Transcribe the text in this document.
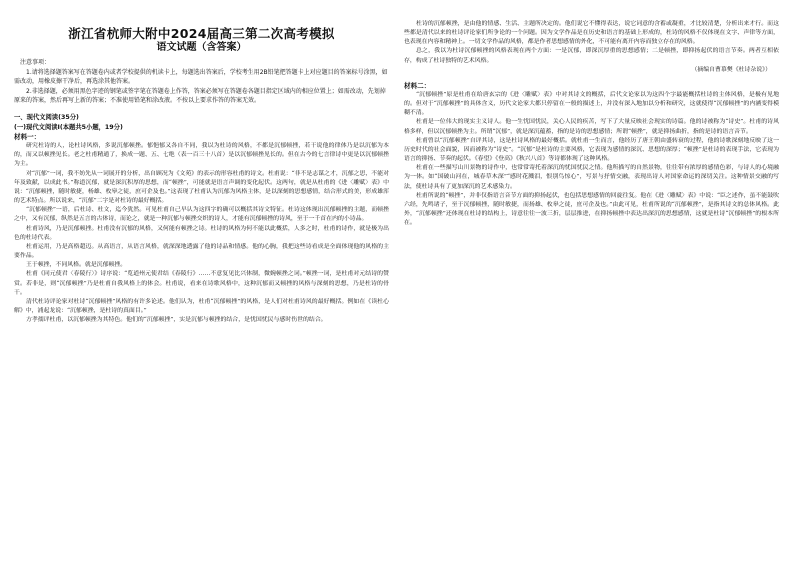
浙江省杭师大附中2024届高三第二次高考模拟
语文试题（含答案）
注意事项：

1.请将选择题答案写在答题卷内或者学校提供的机读卡上，每题选出答案后，学校考生用2B铅笔把答题卡上对应题目的答案标号涂黑，如需改动，用橡皮擦干净后，再选涂其他答案。

2.非选择题，必须用黑色字迹的钢笔或签字笔在答题卷上作答，答案必须写在答题卷各题目指定区域内的相应位置上；如需改动，先划掉原来的答案，然后再写上新的答案；不准使用铅笔和涂改液。不按以上要求作答的答案无效。

一、现代文阅读(35分)
(一)现代文阅读Ⅰ(本题共5小题，19分)
材料一：

研究杜诗的人，论杜诗风格，多说沉郁顿挫。郁悒郁又各自不同，我以为杜诗的风格，不都是沉郁顿挫，若干说他的律体乃是以沉郁为本的，而又以顿挫见长。老之杜甫精通了，换成一题、五、七绝（表一百三十八首）是以沉郁顿挫见长的。但在古今的七言律诗中更是以沉郁顿挫为主。

对“沉郁”一词，我不妨先从一词展开的分析，出自顾况为《文苑》的表示的形容杜甫的诗文。杜甫说：“非不是志谋之才，沉郁之思，不能对年及致献，以成此书。”称道沉郁，就是深沉积厚的思想，而“顿挫”，可能就是语言声调的变化起伏。这两句，就是从杜甫的《进〈雕赋〉表》中说：“沉郁顿挫，随时敏捷，杨雄、枚皋之徒，庶可企及也。”这表现了杜甫认为沉郁为风格主体，是以深刻的思想感情，结合形式的美，形成雄浑的艺术特点。所以说来，“沉郁”二字是对杜诗的最好概括。

“沉郁顿挫”一语，后杜诗、杜文，迄今犹然。可见杜甫自己早认为这四字的确可以概括其诗文特征。杜诗这体现出沉郁顿挫的主题，而顿挫之中，又有沉郁，纵然是五言的古体诗，而论之，就是一种沉郁与顿挫交织的诗人，才能有沉郁顿挫的诗风，至于一千首在内的小诗品。

杜甫诗风，乃是沉郁顿挫。杜甫没有沉郁的风格，又何能有顿挫之诗。杜诗的风格为何不能以此概括，人多之时，杜甫的诗作，就是极为出色的杜诗代表。

杜甫运用，乃是高格超迈。从高语言，从语言风格，就深深地透露了他的诗品和情感。他的心胸，我把这些诗看成是全面体现他的风格的主要作品。

王于顿挫，不同风格。就是沉郁顿挫。

杜甫《同元使君〈春陵行〉》诗序说：“览道州元使君结《春陵行》……不意复见比兴体制，微婉顿挫之词。”顿挫一词，是杜甫对元结诗的赞赏。若非是，则“沉郁顿挫”乃是杜甫自我风格上的体会。杜甫说，看来在诗歌风格中，这种沉郁而又顿挫的风格与深刻的思想，乃是杜诗的骨干。

清代杜诗评论家对杜诗“沉郁顿挫”风格的有许多论述。他们认为，杜甫“沉郁顿挫”的风格，是人们对杜甫诗风的最好概括。例如在《读杜心解》中，浦起龙说：“沉郁顿挫，是杜诗的真面目。”

方孝孺评杜甫，以沉郁顿挫为其特色。他们的“沉郁顿挫”，实是沉郁与顿挫的结合，是忧国忧民与感时伤世的结合。

杜诗的沉郁顿挫，是由他的情感、生活、主题所决定的。他们说它不懂得表达，说它词意的含蓄或凝重，才比较清楚，分析出来才行。而这些都是清代以来的杜诗评论家们所争论的一个问题。因为文学作品是在历史和语言的基础上形成的，杜诗的风格不仅体现在文字、声律等方面，也表现在内容和精神上。一切文学作品的风格，都是作者思想感情的外化，不可能有离开内容而独立存在的风格。

总之，我以为杜诗沉郁顿挫的风格表现在两个方面：一是沉郁，即深沉厚重的思想感情；二是顿挫，即抑扬起伏的语言节奏。两者互相依存，构成了杜诗独特的艺术风格。

（摘编自曹慕樊《杜诗杂说》）

材料二：

“沉郁顿挫”原是杜甫在给唐玄宗的《进〈雕赋〉表》中对其诗文的概括，后代文论家以为这四个字最能概括杜诗的主体风格，是极有见地的。但对于“沉郁顿挫”的具体含义，历代文论家大都只停留在一般的描述上，并没有深入地加以分析和研究，这就使得“沉郁顿挫”的内涵变得模糊不清。

杜甫是一位伟大的现实主义诗人。他一生忧国忧民，关心人民的疾苦，写下了大量反映社会现实的诗篇。他的诗被称为“诗史”。杜甫的诗风格多样，但以沉郁顿挫为主。所谓“沉郁”，就是深沉蕴蓄，指的是诗的思想感情；所谓“顿挫”，就是抑扬曲折，指的是诗的语言音节。

杜甫曾以“沉郁顿挫”自评其诗，这是杜诗风格的最好概括。就杜甫一生而言，他经历了唐王朝由盛转衰的过程，他的诗歌深刻地反映了这一历史时代的社会面貌，因而被称为“诗史”。“沉郁”是杜诗的主要风格，它表现为感情的深沉、思想的深厚；“顿挫”是杜诗的表现手法，它表现为语言的抑扬、节奏的起伏。《春望》《登高》《秋兴八首》等诗都体现了这种风格。

杜甫在一些描写山川景物的诗作中，也常常寄托着深沉的忧国忧民之情。他所描写的自然景物，往往带有浓厚的感情色彩，与诗人的心境融为一体。如“国破山河在，城春草木深”“感时花溅泪，恨别鸟惊心”，写景与抒情交融，表现出诗人对国家命运的深切关注。这种情景交融的写法，使杜诗具有了更加深沉的艺术感染力。

杜甫所说的“顿挫”，并非仅指语言音节方面的抑扬起伏，也包括思想感情的回旋往复。他在《进〈雕赋〉表》中说：“臣之述作，虽不能鼓吹六经，先鸣诸子，至于沉郁顿挫，随时敏捷，而扬雄、枚皋之徒，庶可企及也。”由此可见，杜甫所说的“沉郁顿挫”，是指其诗文的总体风格。此外，“沉郁顿挫”还体现在杜诗的结构上，诗意往往一波三折，层层推进，在抑扬顿挫中表达出深沉的思想感情，这就是杜诗“沉郁顿挫”的根本所在。
